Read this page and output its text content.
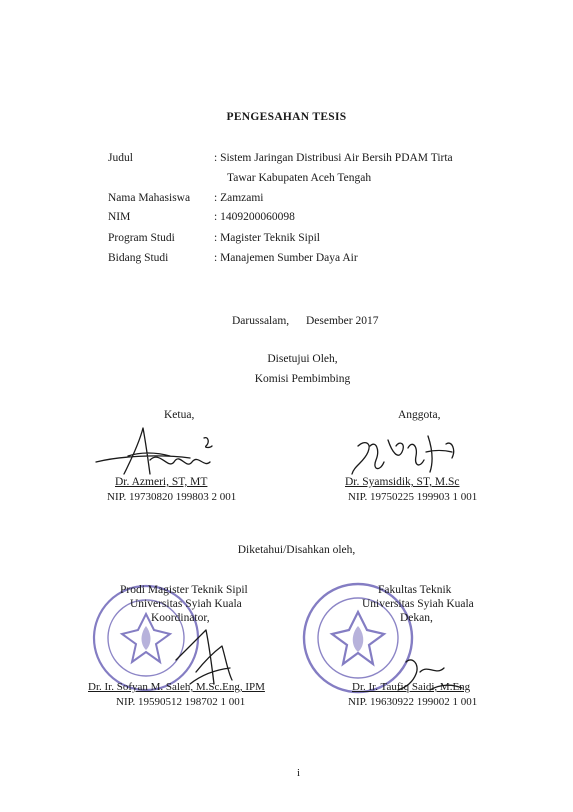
PENGESAHAN TESIS
Judul	: Sistem Jaringan Distribusi Air Bersih PDAM Tirta
Tawar Kabupaten Aceh Tengah
Nama Mahasiswa : Zamzami
NIM	: 1409200060098
Program Studi	: Magister Teknik Sipil
Bidang Studi	: Manajemen Sumber Daya Air
Darussalam, Desember 2017
Disetujui Oleh,
Komisi Pembimbing
Ketua,
Dr. Azmeri, ST, MT
NIP. 19730820 199803 2 001
Anggota,
Dr. Syamsidik, ST, M.Sc
NIP. 19750225 199903 1 001
Diketahui/Disahkan oleh,
Prodi Magister Teknik Sipil
Universitas Syiah Kuala
Koordinator,
Dr. Ir. Sofyan M. Saleh, M.Sc.Eng, IPM
NIP. 19590512 198702 1 001
Fakultas Teknik
Universitas Syiah Kuala
Dekan,
Dr. Ir. Taufiq Saidi, M.Eng
NIP. 19630922 199002 1 001
i
